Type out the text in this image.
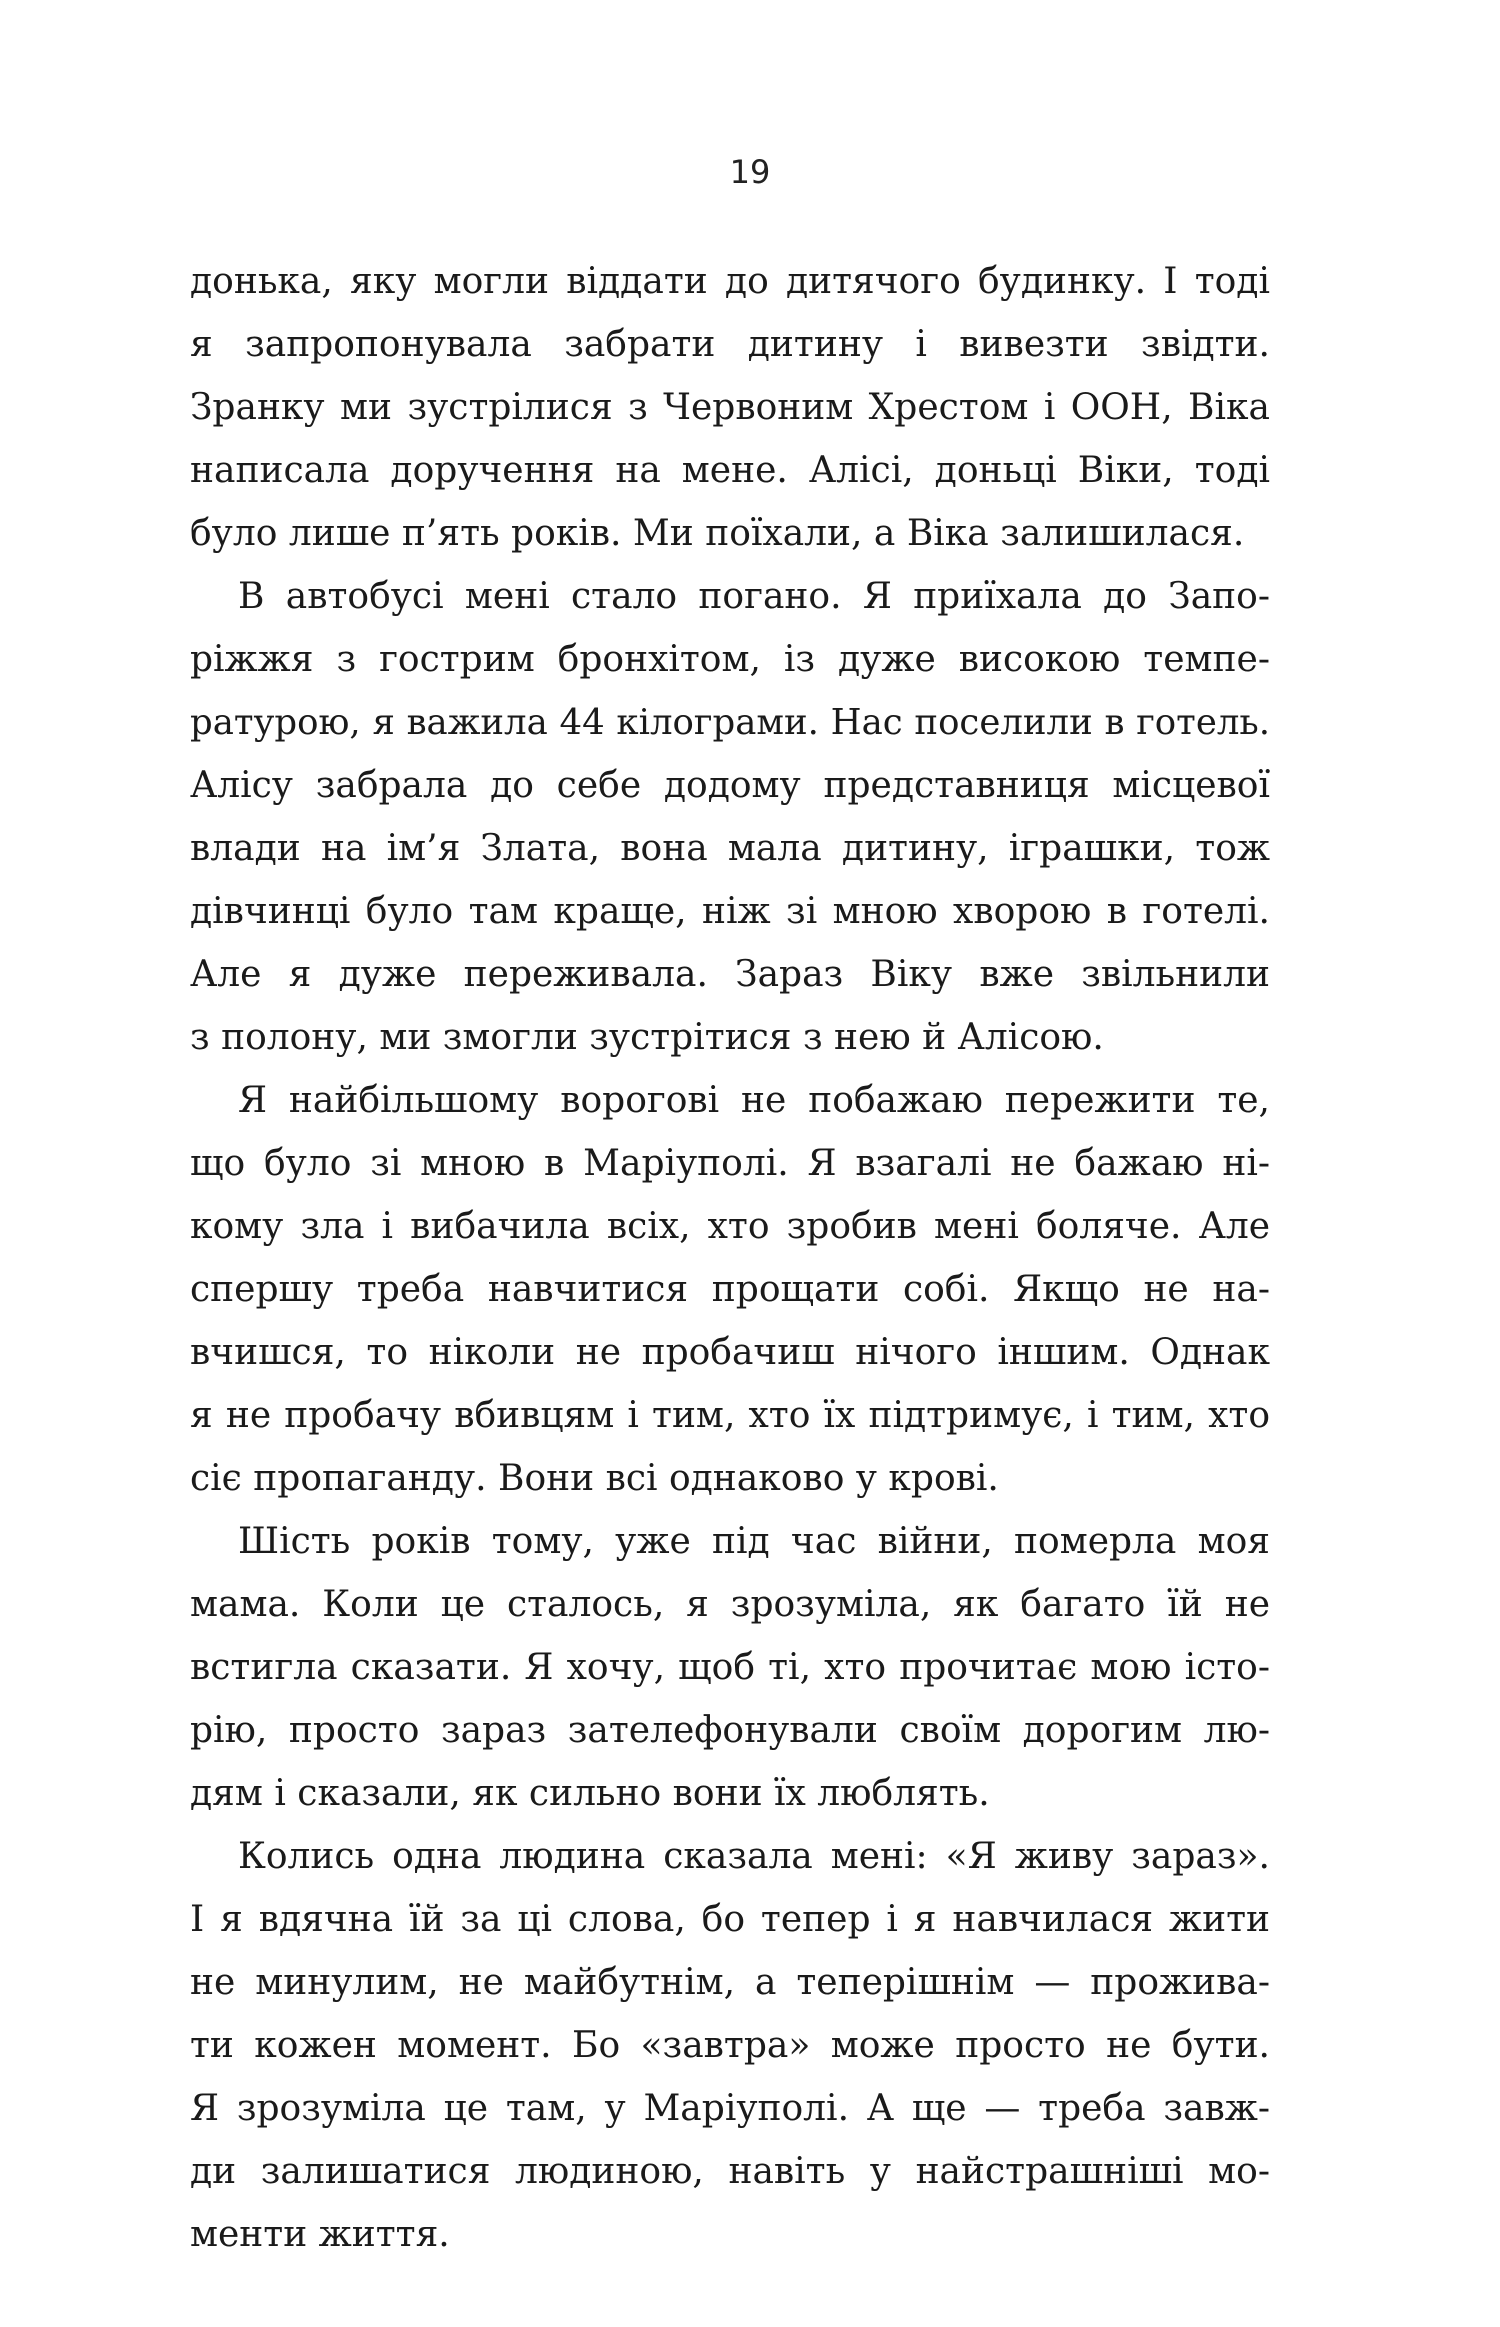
19
донька, яку могли віддати до дитячого будинку. І тоді
я запропонувала забрати дитину і вивезти звідти.
Зранку ми зустрілися з Червоним Хрестом і ООН, Віка
написала доручення на мене. Алісі, доньці Віки, тоді
було лише п’ять років. Ми поїхали, а Віка залишилася.
В автобусі мені стало погано. Я приїхала до Запо-
ріжжя з гострим бронхітом, із дуже високою темпе-
ратурою, я важила 44 кілограми. Нас поселили в готель.
Алісу забрала до себе додому представниця місцевої
влади на ім’я Злата, вона мала дитину, іграшки, тож
дівчинці було там краще, ніж зі мною хворою в готелі.
Але я дуже переживала. Зараз Віку вже звільнили
з полону, ми змогли зустрітися з нею й Алісою.
Я найбільшому ворогові не побажаю пережити те,
що було зі мною в Маріуполі. Я взагалі не бажаю ні-
кому зла і вибачила всіх, хто зробив мені боляче. Але
спершу треба навчитися прощати собі. Якщо не на-
вчишся, то ніколи не пробачиш нічого іншим. Однак
я не пробачу вбивцям і тим, хто їх підтримує, і тим, хто
сіє пропаганду. Вони всі однаково у крові.
Шість років тому, уже під час війни, померла моя
мама. Коли це сталось, я зрозуміла, як багато їй не
встигла сказати. Я хочу, щоб ті, хто прочитає мою істо-
рію, просто зараз зателефонували своїм дорогим лю-
дям і сказали, як сильно вони їх люблять.
Колись одна людина сказала мені: «Я живу зараз».
І я вдячна їй за ці слова, бо тепер і я навчилася жити
не минулим, не майбутнім, а теперішнім — прожива-
ти кожен момент. Бо «завтра» може просто не бути.
Я зрозуміла це там, у Маріуполі. А ще — треба завж-
ди залишатися людиною, навіть у найстрашніші мо-
менти життя.
